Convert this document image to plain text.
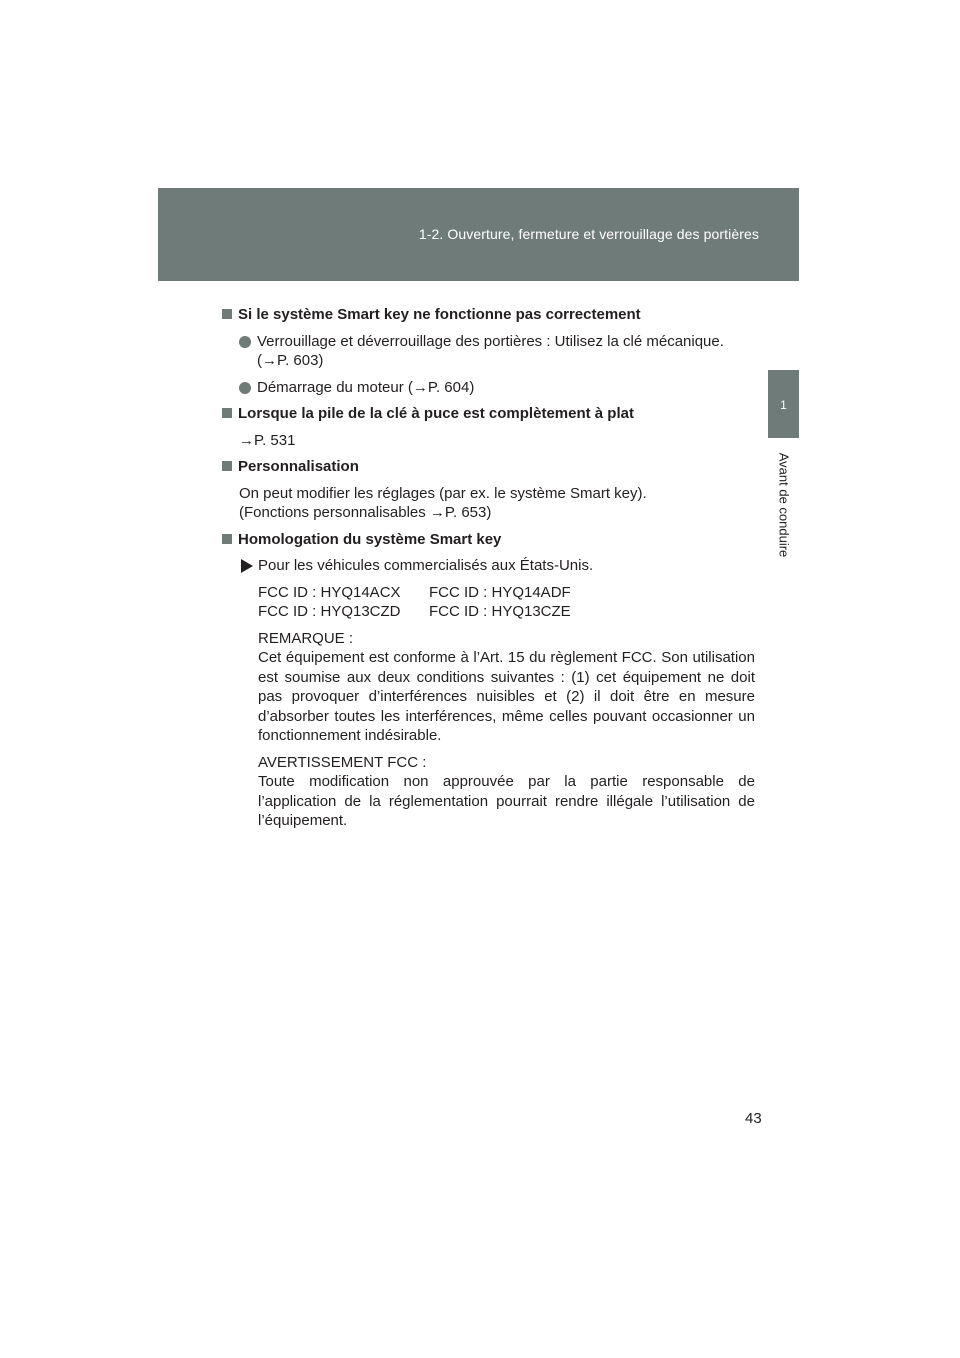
1-2. Ouverture, fermeture et verrouillage des portières
1
Avant de conduire
Si le système Smart key ne fonctionne pas correctement
Verrouillage et déverrouillage des portières : Utilisez la clé mécanique.
(→P. 603)
Démarrage du moteur (→P. 604)
Lorsque la pile de la clé à puce est complètement à plat
→P. 531
Personnalisation
On peut modifier les réglages (par ex. le système Smart key).
(Fonctions personnalisables →P. 653)
Homologation du système Smart key
Pour les véhicules commercialisés aux États-Unis.
FCC ID : HYQ14ACX	FCC ID : HYQ14ADF
FCC ID : HYQ13CZD	FCC ID : HYQ13CZE
REMARQUE :
Cet équipement est conforme à l’Art. 15 du règlement FCC. Son utilisation est soumise aux deux conditions suivantes : (1) cet équipement ne doit pas provoquer d’interférences nuisibles et (2) il doit être en mesure d’absorber toutes les interférences, même celles pouvant occasionner un fonctionnement indésirable.
AVERTISSEMENT FCC :
Toute modification non approuvée par la partie responsable de l’application de la réglementation pourrait rendre illégale l’utilisation de l’équipement.
43
